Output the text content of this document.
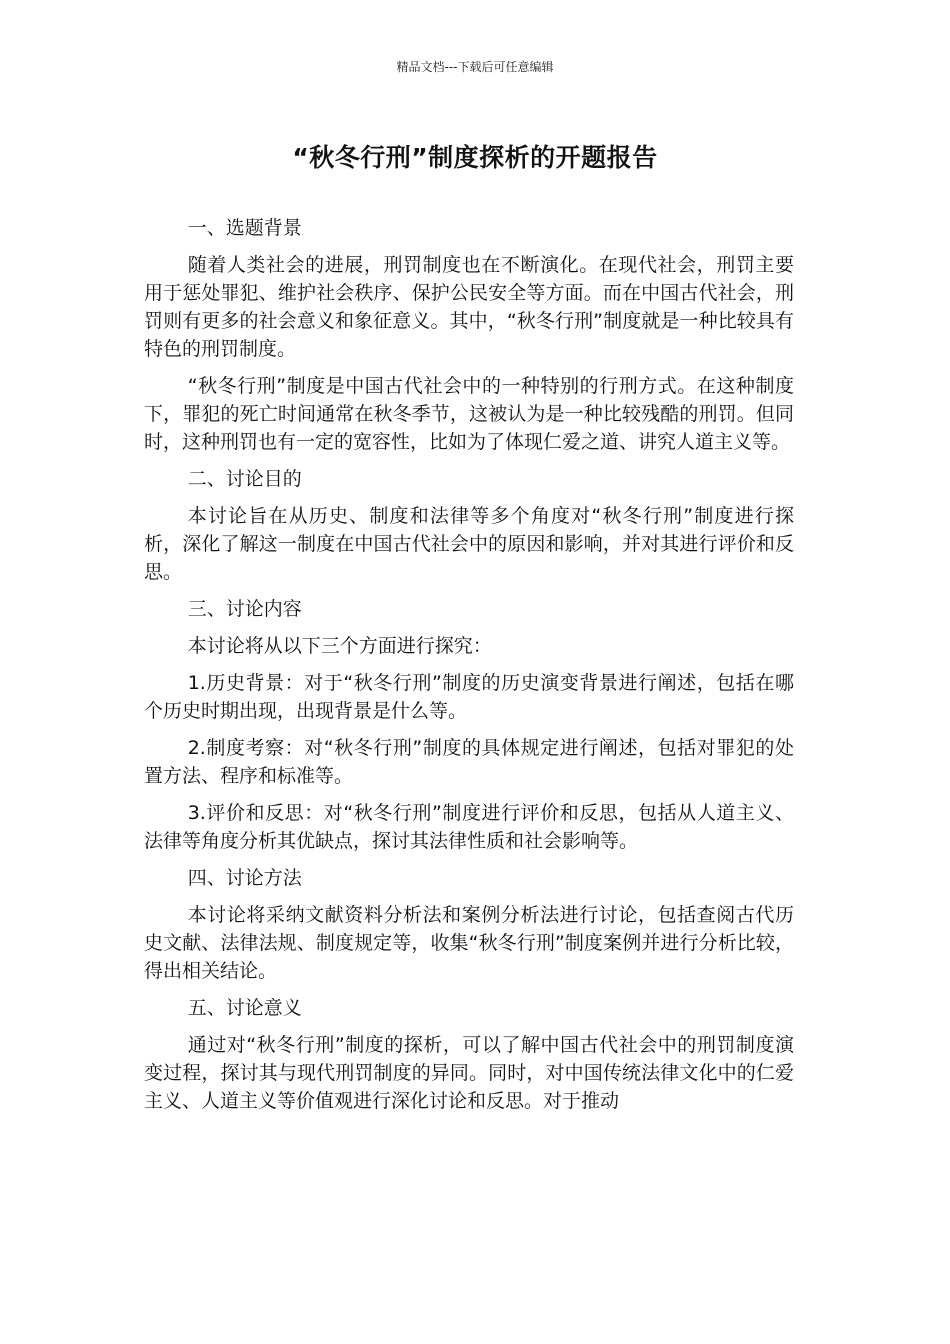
精品文档---下载后可任意编辑
“秋冬行刑”制度探析的开题报告

一、选题背景

随着人类社会的进展，刑罚制度也在不断演化。在现代社会，刑罚主要用于惩处罪犯、维护社会秩序、保护公民安全等方面。而在中国古代社会，刑罚则有更多的社会意义和象征意义。其中，“秋冬行刑”制度就是一种比较具有特色的刑罚制度。

“秋冬行刑”制度是中国古代社会中的一种特别的行刑方式。在这种制度下，罪犯的死亡时间通常在秋冬季节，这被认为是一种比较残酷的刑罚。但同时，这种刑罚也有一定的宽容性，比如为了体现仁爱之道、讲究人道主义等。

二、讨论目的

本讨论旨在从历史、制度和法律等多个角度对“秋冬行刑”制度进行探析，深化了解这一制度在中国古代社会中的原因和影响，并对其进行评价和反思。

三、讨论内容

本讨论将从以下三个方面进行探究：

1.历史背景：对于“秋冬行刑”制度的历史演变背景进行阐述，包括在哪个历史时期出现，出现背景是什么等。

2.制度考察：对“秋冬行刑”制度的具体规定进行阐述，包括对罪犯的处置方法、程序和标准等。

3.评价和反思：对“秋冬行刑”制度进行评价和反思，包括从人道主义、法律等角度分析其优缺点，探讨其法律性质和社会影响等。

四、讨论方法

本讨论将采纳文献资料分析法和案例分析法进行讨论，包括查阅古代历史文献、法律法规、制度规定等，收集“秋冬行刑”制度案例并进行分析比较，得出相关结论。

五、讨论意义

通过对“秋冬行刑”制度的探析，可以了解中国古代社会中的刑罚制度演变过程，探讨其与现代刑罚制度的异同。同时，对中国传统法律文化中的仁爱主义、人道主义等价值观进行深化讨论和反思。对于推动
